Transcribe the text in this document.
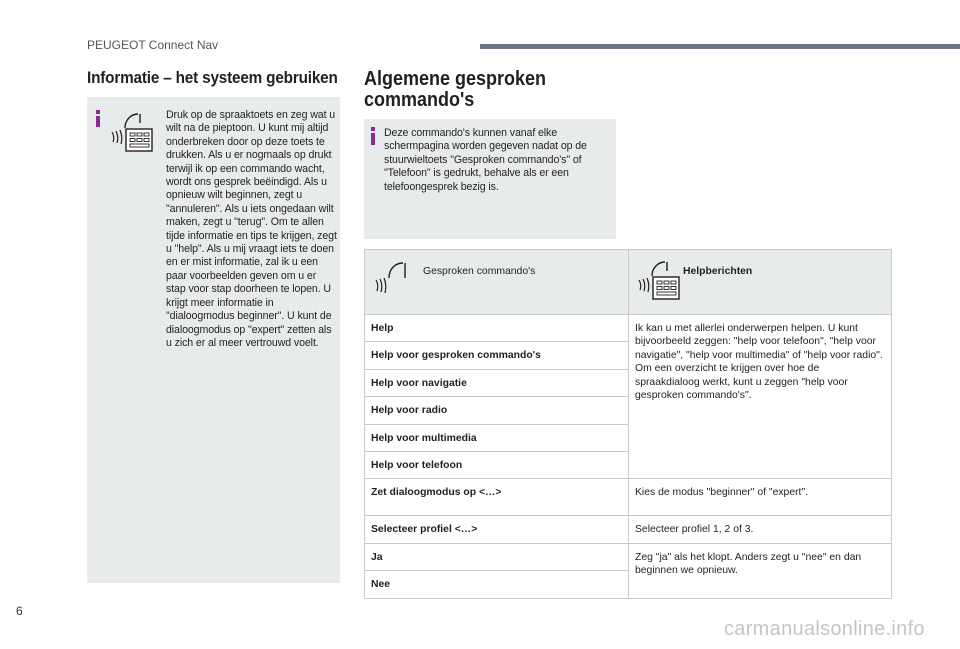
PEUGEOT Connect Nav
Informatie – het systeem gebruiken Algemene gesproken
commando's
Druk op de spraaktoets en zeg wat u wilt na de pieptoon. U kunt mij altijd onderbreken door op deze toets te drukken. Als u er nogmaals op drukt terwijl ik op een commando wacht, wordt ons gesprek beëindigd. Als u opnieuw wilt beginnen, zegt u "annuleren". Als u iets ongedaan wilt maken, zegt u "terug". Om te allen tijde informatie en tips te krijgen, zegt u "help". Als u mij vraagt iets te doen en er mist informatie, zal ik u een paar voorbeelden geven om u er stap voor stap doorheen te lopen. U krijgt meer informatie in "dialoogmodus beginner". U kunt de dialoogmodus op "expert" zetten als u zich er al meer vertrouwd voelt.
Deze commando's kunnen vanaf elke schermpagina worden gegeven nadat op de stuurwieltoets "Gesproken commando's" of "Telefoon" is gedrukt, behalve als er een telefoongesprek bezig is.
Gesproken commando's	Helpberichten

Help	Ik kan u met allerlei onderwerpen helpen. U kunt bijvoorbeeld zeggen: "help voor telefoon", "help voor navigatie", "help voor multimedia" of "help voor radio". Om een overzicht te krijgen over hoe de spraakdialoog werkt, kunt u zeggen "help voor gesproken commando's".
Help voor gesproken commando's	
Help voor navigatie	
Help voor radio	
Help voor multimedia	
Help voor telefoon	
Zet dialoogmodus op <…>	Kies de modus "beginner" of "expert".
Selecteer profiel <…>	Selecteer profiel 1, 2 of 3.
Ja	Zeg "ja" als het klopt. Anders zegt u "nee" en dan beginnen we opnieuw.
Nee	
6
carmanualsonline.info
